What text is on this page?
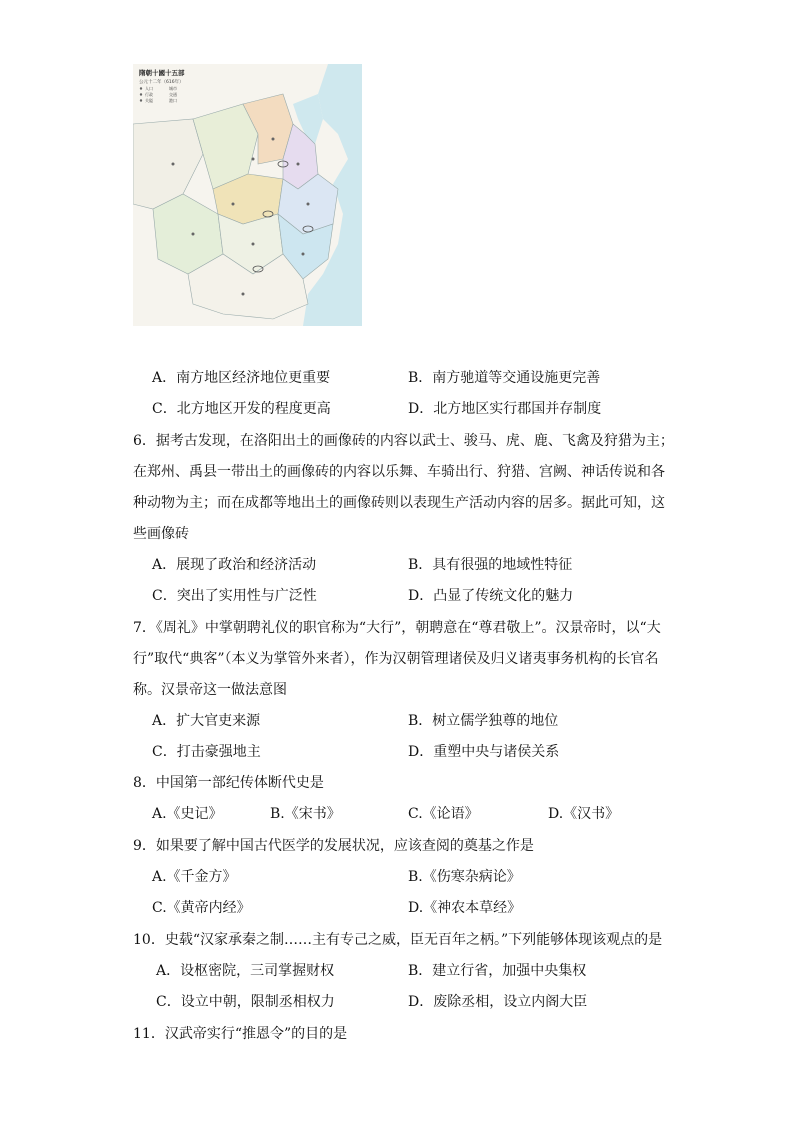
隋朝十國十五部
公元十二年（616年）
人口	城市
行政	交通
关隘	港口
A．南方地区经济地位更重要	B．南方驰道等交通设施更完善
C．北方地区开发的程度更高	D．北方地区实行郡国并存制度
6．据考古发现，在洛阳出土的画像砖的内容以武士、骏马、虎、鹿、飞禽及狩猎为主；
在郑州、禹县一带出土的画像砖的内容以乐舞、车骑出行、狩猎、宫阙、神话传说和各
种动物为主；而在成都等地出土的画像砖则以表现生产活动内容的居多。据此可知，这
些画像砖
A．展现了政治和经济活动	B．具有很强的地域性特征
C．突出了实用性与广泛性	D．凸显了传统文化的魅力
7．《周礼》中掌朝聘礼仪的职官称为“大行”，朝聘意在“尊君敬上”。汉景帝时，以“大
行”取代“典客”（本义为掌管外来者），作为汉朝管理诸侯及归义诸夷事务机构的长官名
称。汉景帝这一做法意图
A．扩大官吏来源	B．树立儒学独尊的地位
C．打击豪强地主	D．重塑中央与诸侯关系
8．中国第一部纪传体断代史是
A.《史记》	B.《宋书》	C.《论语》	D.《汉书》
9．如果要了解中国古代医学的发展状况，应该查阅的奠基之作是
A.《千金方》	B.《伤寒杂病论》
C.《黄帝内经》	D.《神农本草经》
10．史载“汉家承秦之制……主有专己之威，臣无百年之柄。”下列能够体现该观点的是
A．设枢密院，三司掌握财权	B．建立行省，加强中央集权
C．设立中朝，限制丞相权力	D．废除丞相，设立内阁大臣
11．汉武帝实行“推恩令”的目的是
